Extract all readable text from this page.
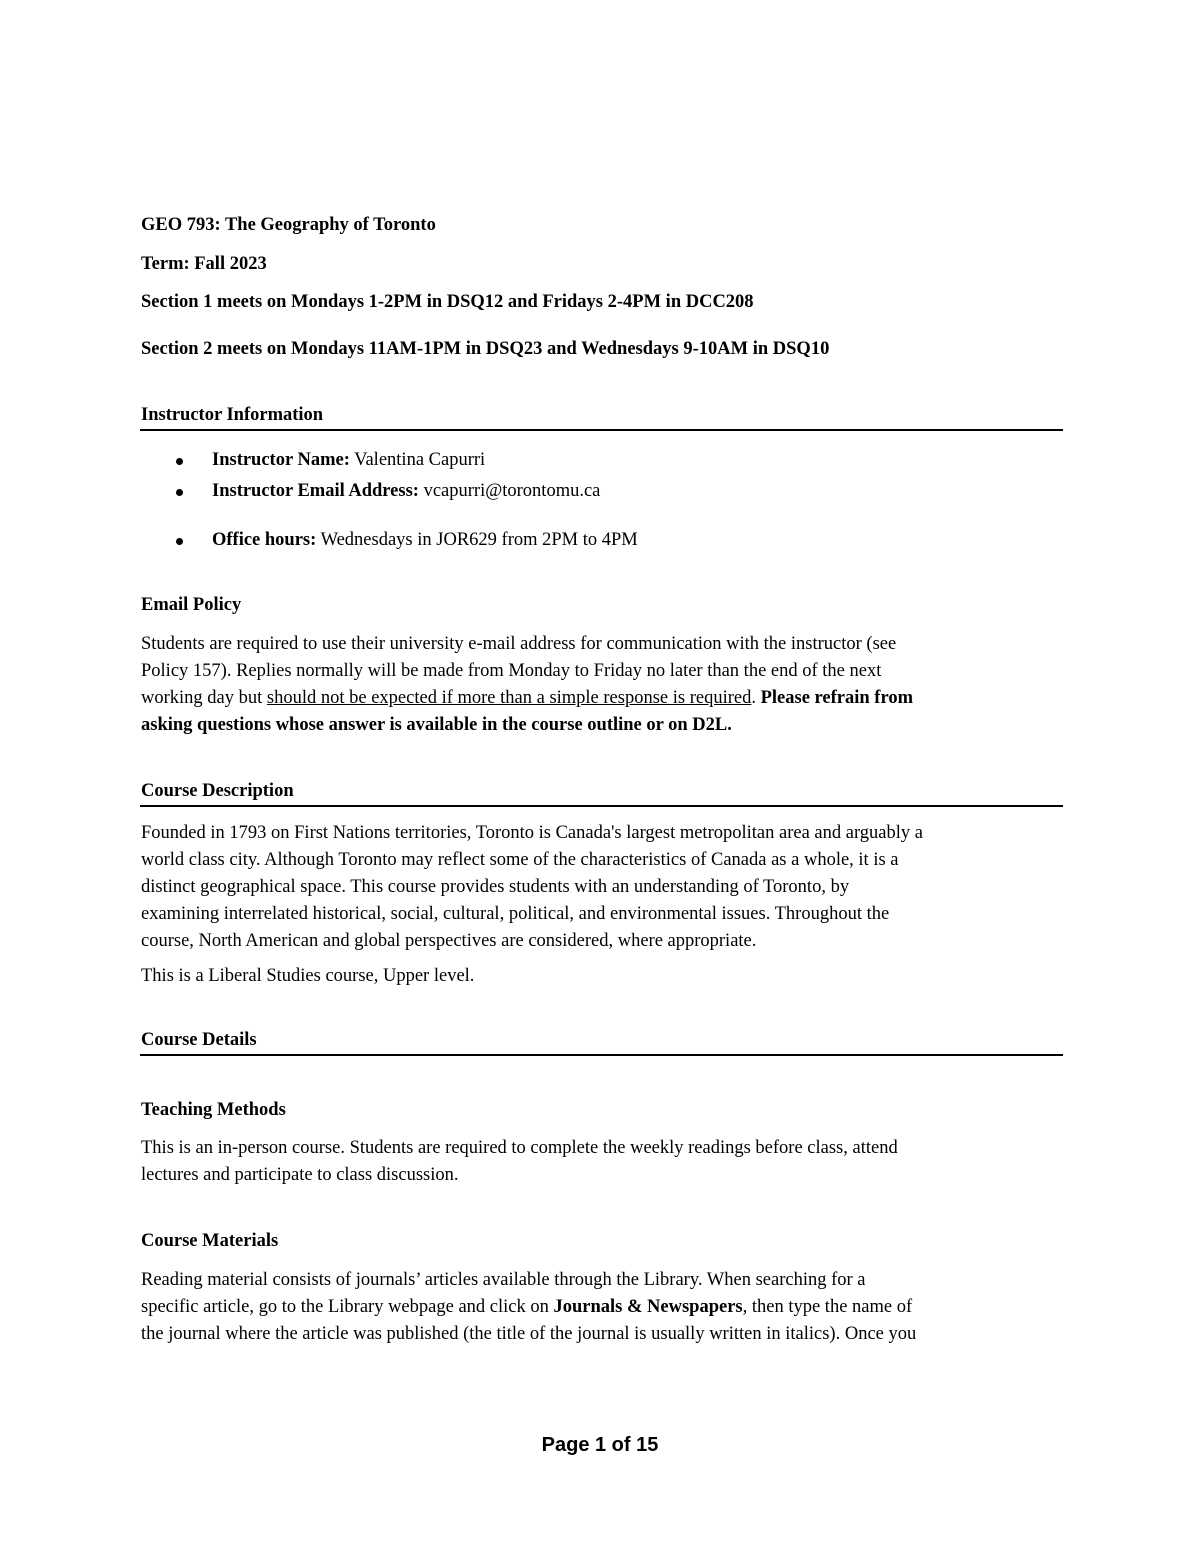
GEO 793: The Geography of Toronto
Term: Fall 2023
Section 1 meets on Mondays 1-2PM in DSQ12 and Fridays 2-4PM in DCC208
Section 2 meets on Mondays 11AM-1PM in DSQ23 and Wednesdays 9-10AM in DSQ10
Instructor Information
Instructor Name: Valentina Capurri
Instructor Email Address: vcapurri@torontomu.ca
Office hours: Wednesdays in JOR629 from 2PM to 4PM
Email Policy
Students are required to use their university e-mail address for communication with the instructor (see
Policy 157). Replies normally will be made from Monday to Friday no later than the end of the next
working day but should not be expected if more than a simple response is required. Please refrain from
asking questions whose answer is available in the course outline or on D2L.
Course Description
Founded in 1793 on First Nations territories, Toronto is Canada's largest metropolitan area and arguably a
world class city. Although Toronto may reflect some of the characteristics of Canada as a whole, it is a
distinct geographical space. This course provides students with an understanding of Toronto, by
examining interrelated historical, social, cultural, political, and environmental issues. Throughout the
course, North American and global perspectives are considered, where appropriate.
This is a Liberal Studies course, Upper level.
Course Details
Teaching Methods
This is an in-person course. Students are required to complete the weekly readings before class, attend
lectures and participate to class discussion.
Course Materials
Reading material consists of journals’ articles available through the Library. When searching for a
specific article, go to the Library webpage and click on Journals & Newspapers, then type the name of
the journal where the article was published (the title of the journal is usually written in italics). Once you
Page 1 of 15
